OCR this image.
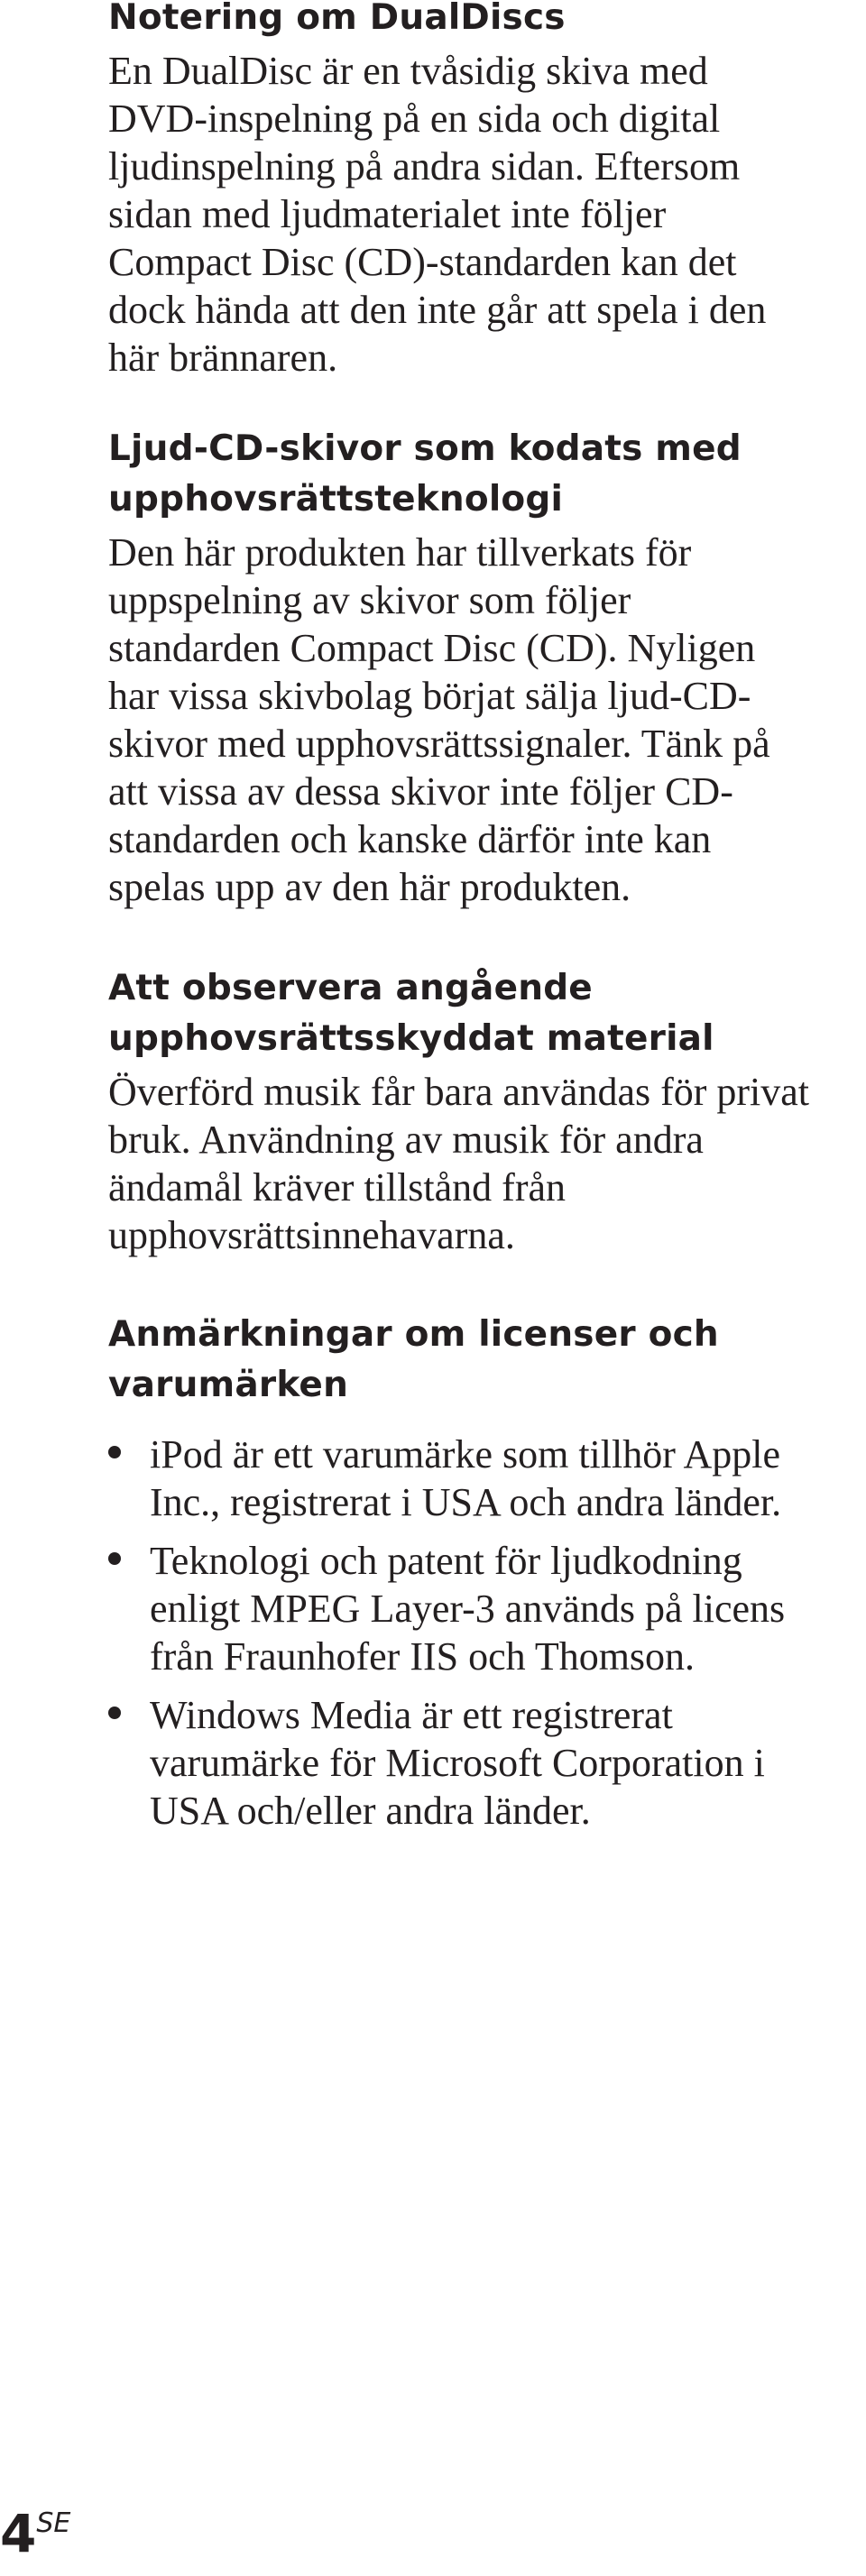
Notering om DualDiscs

En DualDisc är en tvåsidig skiva med DVD-inspelning på en sida och digital ljudinspelning på andra sidan. Eftersom sidan med ljudmaterialet inte följer Compact Disc (CD)-standarden kan det dock hända att den inte går att spela i den här brännaren.

Ljud-CD-skivor som kodats med upphovsrättsteknologi

Den här produkten har tillverkats för uppspelning av skivor som följer standarden Compact Disc (CD). Nyligen har vissa skivbolag börjat sälja ljud-CD-skivor med upphovsrättssignaler. Tänk på att vissa av dessa skivor inte följer CD-standarden och kanske därför inte kan spelas upp av den här produkten.

Att observera angående upphovsrättsskyddat material

Överförd musik får bara användas för privat bruk. Användning av musik för andra ändamål kräver tillstånd från upphovsrättsinnehavarna.

Anmärkningar om licenser och varumärken
iPod är ett varumärke som tillhör Apple Inc., registrerat i USA och andra länder.
Teknologi och patent för ljudkodning enligt MPEG Layer-3 används på licens från Fraunhofer IIS och Thomson.
Windows Media är ett registrerat varumärke för Microsoft Corporation i USA och/eller andra länder.
4SE
